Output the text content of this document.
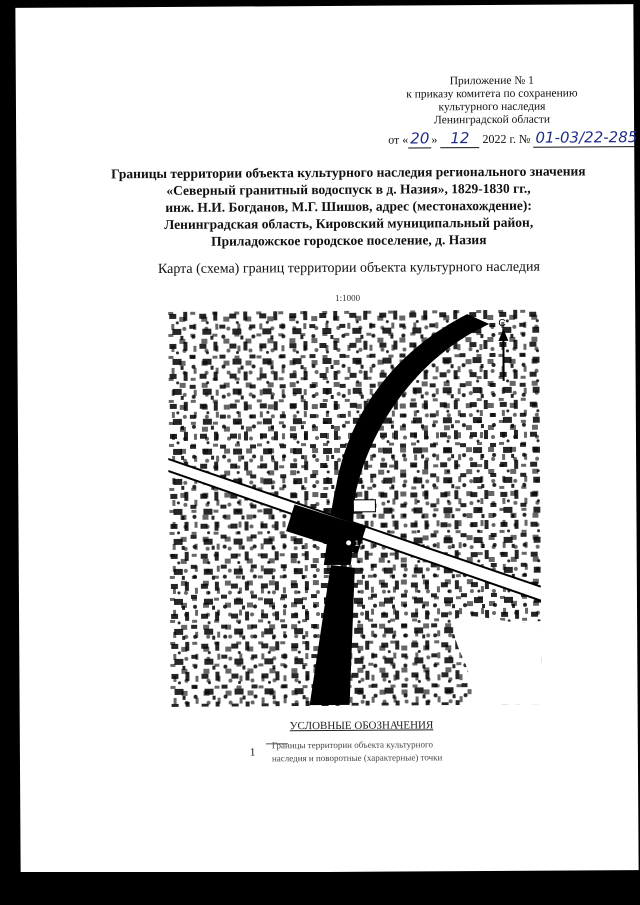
Приложение № 1
к приказу комитета по сохранению
культурного наследия
Ленинградской области
от « 20 » 12 2022 г. № 01-03/22-285
Границы территории объекта культурного наследия регионального значения
«Северный гранитный водоспуск в д. Назия», 1829-1830 гг.,
инж. Н.И. Богданов, М.Г. Шишов, адрес (местонахождение):
Ленинградская область, Кировский муниципальный район,
Приладожское городское поселение, д. Назия
Карта (схема) границ территории объекта культурного наследия
1:1000
С
1
УСЛОВНЫЕ ОБОЗНАЧЕНИЯ
1
Границы территории объекта культурного
наследия и поворотные (характерные) точки
